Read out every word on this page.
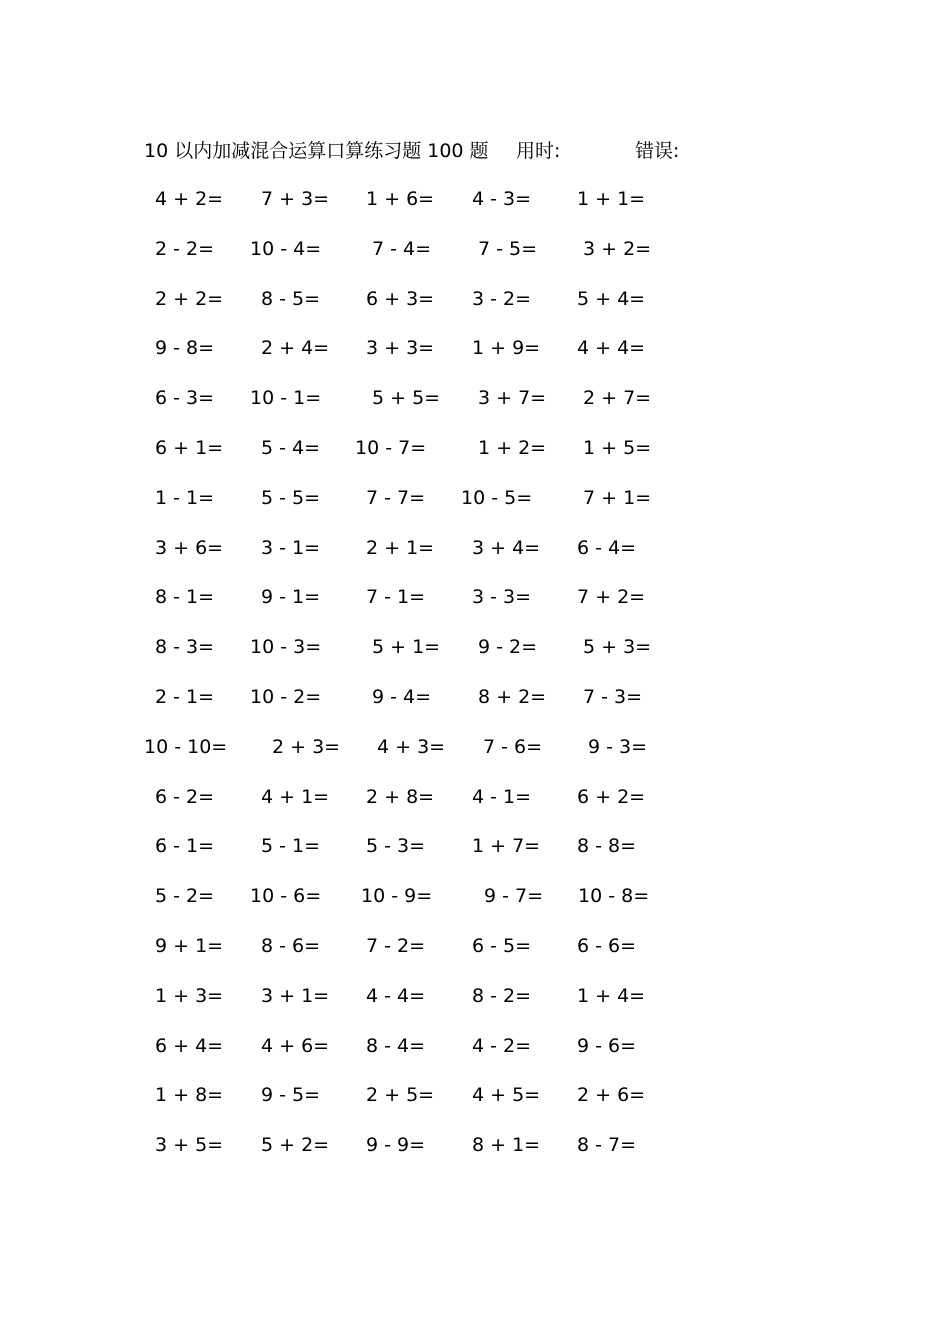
10 以内加减混合运算口算练习题 100 题 用时:	错误:
4 + 2= 7 + 3= 1 + 6= 4 - 3= 1 + 1=
2 - 2= 10 - 4=	7 - 4= 7 - 5= 3 + 2=
2 + 2= 8 - 5= 6 + 3= 3 - 2= 5 + 4=
9 - 8= 2 + 4= 3 + 3= 1 + 9= 4 + 4=
6 - 3= 10 - 1=	5 + 5= 3 + 7= 2 + 7=
6 + 1= 5 - 4= 10 - 7=	1 + 2= 1 + 5=
1 - 1= 5 - 5= 7 - 7= 10 - 5=	7 + 1=
3 + 6= 3 - 1= 2 + 1= 3 + 4= 6 - 4=
8 - 1= 9 - 1= 7 - 1= 3 - 3= 7 + 2=
8 - 3= 10 - 3=	5 + 1= 9 - 2= 5 + 3=
2 - 1= 10 - 2=	9 - 4= 8 + 2= 7 - 3=
10 - 10= 2 + 3= 4 + 3= 7 - 6= 9 - 3=
6 - 2= 4 + 1= 2 + 8= 4 - 1= 6 + 2=
6 - 1= 5 - 1= 5 - 3= 1 + 7= 8 - 8=
5 - 2= 10 - 6= 10 - 9=	9 - 7= 10 - 8=
9 + 1= 8 - 6= 7 - 2= 6 - 5= 6 - 6=
1 + 3= 3 + 1= 4 - 4= 8 - 2= 1 + 4=
6 + 4= 4 + 6= 8 - 4= 4 - 2= 9 - 6=
1 + 8= 9 - 5= 2 + 5= 4 + 5= 2 + 6=
3 + 5= 5 + 2= 9 - 9= 8 + 1= 8 - 7=
